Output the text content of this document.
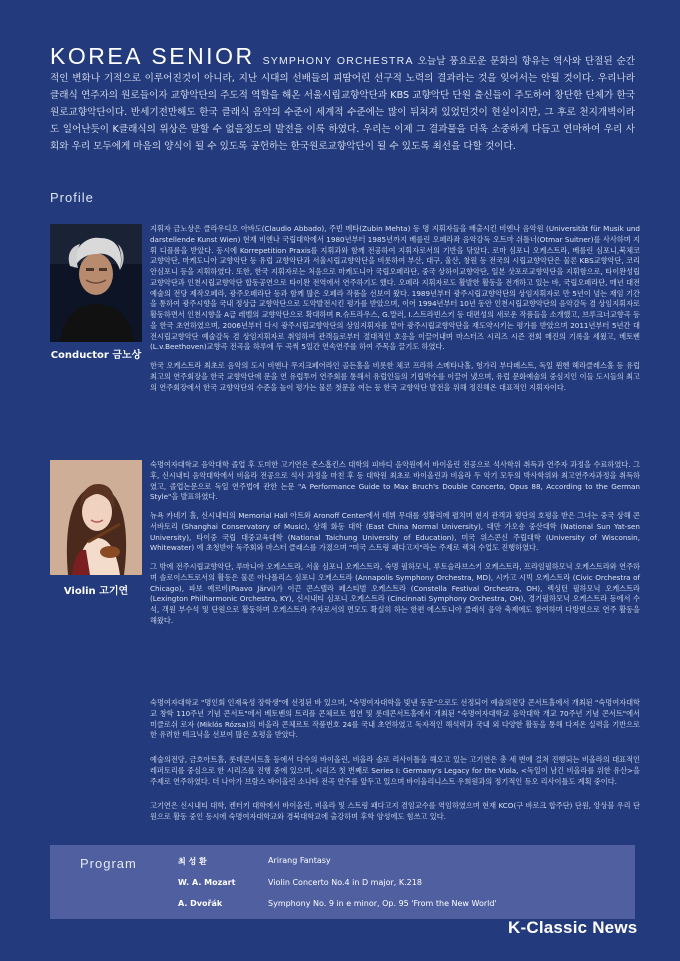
KOREA SENIOR SYMPHONY ORCHESTRA 오늘날 풍요로운 문화의 향유는 역사와 단절된 순간적인 변화나 기적으로 이루어진것이 아니라, 지난 시대의 선배들의 피땀어린 선구적 노력의 결과라는 것을 잊어서는 안될 것이다. 우리나라 클래식 연주자의 원로들이자 교향악단의 주도적 역할을 해온 서울시립교향악단과 KBS 교향악단 단원 출신들이 주도하여 창단한 단체가 한국원로교향악단이다. 반세기전만해도 한국 클래식 음악의 수준이 세계적 수준에는 많이 뒤쳐져 있었던것이 현실이지만, 그 후로 천지개벽이라도 일어난듯이 K클래식의 위상은 말할 수 없을정도의 발전을 이룩 하였다. 우리는 이제 그 결과물을 더욱 소중하게 다듬고 연마하여 우리 사회와 우리 모두에게 마음의 양식이 될 수 있도록 공헌하는 한국원로교향악단이 될 수 있도록 최선을 다할 것이다.
Profile
Conductor 금노상

지휘자 금노상은 클라우디오 아바도(Claudio Abbado), 주빈 메타(Zubin Mehta) 등 명 지휘자들을 배출시킨 비엔나 음악원 (Universität für Musik und darstellende Kunst Wien) 현재 비엔나 국립대학에서 1980년부터 1985년까지 베를린 오페라좌 음악감독 오트마 쉬틀너(Otmar Suitner)를 사사하며 지휘 디플롬을 받았다. 동시에 Korrepetition Praxis를 지휘과와 함께 전공하여 지휘자로서의 기반을 닦았다. 로마 심포니 오케스트라, 베를린 심포니,북체코 교향악단, 마케도니아 교향악단 등 유럽 교향악단과 서울시립교향악단을 비롯하여 부산, 대구, 울산, 창원 등 전국의 시립교향악단은 물론 KBS교향악단, 코리안심포니 등을 지휘하였다. 또한, 한국 지휘자로는 처음으로 마케도니아 국립오페라단, 중국 상하이교향악단, 일본 삿포로교향악단을 지휘함으로, 타이완성립교향악단과 인천시립교향악단 합동공연으로 타이완 전역에서 연주하기도 했다. 오페라 지휘자로도 활발한 활동을 전개하고 있는 바, 국립오페라단, 매년 대전예술의 전당 제작오페라, 광주오페라단 등과 함께 많은 오페라 작품을 선보여 왔다. 1989년부터 광주시립교향악단의 상임지휘자로 만 5년이 넘는 재임 기간을 통하여 광주시향을 국내 정상급 교향악단으로 도약발전시킨 평가를 받았으며, 이어 1994년부터 10년 동안 인천시립교향악단의 음악감독 겸 상임지휘자로 활동하면서 인천시향을 A급 레벨의 교향악단으로 확대하며 R.슈트라우스, G.말러, I.스트라빈스키 등 대편성의 새로운 작품들을 소개했고, 브루크너교향곡 등을 한국 초연하였으며, 2006년부터 다시 광주시립교향악단의 상임지휘자를 맡아 광주시립교향악단을 재도약시키는 평가를 받았으며 2011년부터 5년간 대전시립교향악단 예술감독 겸 상임지휘자로 취임하여 관객들로부터 절대적인 호응을 이끌어내며 마스터즈 시리즈 시즌 전회 매진의 기록을 세웠고, 베토벤(L.v.Beethoven)교향곡 전곡을 하루에 두 곡씩 5일간 연속연주를 하여 주목을 끌기도 하였다.

한국 오케스트라 최초로 음악의 도시 비엔나 무지크페어라인 골든홀을 비롯한 체코 프라하 스메타나홀, 헝가리 부다페스트, 독일 뮌헨 헤라클레스홀 등 유럽최고의 연주회장을 한국 교향악단에 문을 연 유럽투어 연주회를 통해서 유럽인들의 기립박수를 이끌어 냈으며, 유럽 문화예술의 중심지인 이들 도시들의 최고의 연주회장에서 한국 교향악단의 수준을 높이 평가는 물론 첫문을 여는 등 한국 교향악단 발전을 위해 정진해온 대표적인 지휘자이다.

Violin 고기연

숙명여자대학교 음악대학 졸업 후 도미한 고기연은 존스홉킨스 대학의 피바디 음악원에서 바이올린 전공으로 석사학위 취득과 연주자 과정을 수료하였다. 그 후, 신시내티 음악대학에서 비올라 전공으로 석사 과정을 마친 후 동 대학원 최초로 바이올린과 비올라 두 악기 모두의 박사학위와 최고연주자과정을 취득하였고, 졸업논문으로 독일 연주법에 관한 논문 "A Performance Guide to Max Bruch's Double Concerto, Opus 88, According to the German Style"을 발표하였다.

뉴욕 카네기 홀, 신시내티의 Memorial Hall 아트와 Aronoff Center에서 데뷔 무대를 성황리에 펼치며 현지 관객과 평단의 호평을 받은 그녀는 중국 상해 콘서바토리 (Shanghai Conservatory of Music), 상해 화동 대학 (East China Normal University), 대만 가오숑 중산대학 (National Sun Yat-sen University), 타이중 국립 대중교육대학 (National Taichung University of Education), 미국 위스콘신 주립대학 (University of Wisconsin, Whitewater) 에 초청받아 독주회와 마스터 클래스를 가졌으며 "미국 스트링 패다고지"라는 주제로 렉쳐 수업도 진행하였다.

그 밖에 전주시립교향악단, 루마니아 오케스트라, 서울 심포니 오케스트라, 숙명 필하모닉, 루토슬라브스키 오케스트라, 프라임필하모닉 오케스트라와 연주하며 솔로이스트로서의 활동은 물론 아나폴리스 심포니 오케스트라 (Annapolis Symphony Orchestra, MD), 시카고 시빅 오케스트라 (Civic Orchestra of Chicago), 파보 예르비(Paavo Järvi)가 이끈 콘스텔라 페스티벌 오케스트라 (Constella Festival Orchestra, OH), 렉싱턴 필하모닉 오케스트라 (Lexington Philharmonic Orchestra, KY), 신시내티 심포니 오케스트라 (Cincinnati Symphony Orchestra, OH), 경기필하모닉 오케스트라 등에서 수석, 객원 부수석 및 단원으로 활동하며 오케스트라 주자로서의 면모도 확실히 하는 한편 에스토니아 클래식 음악 축제에도 참여하며 다방면으로 연주 활동을 해왔다.

숙명여자대학교 "명인회 인재육성 장학생"에 선정된 바 있으며, "숙명여자대학을 빛낸 동문"으로도 선정되어 예술의전당 콘서트홀에서 개최된 "숙명여자대학교 창학 110주년 기념 콘서트"에서 베토벤의 트리플 콘체르토 협연 및 롯데콘서트홀에서 개최된 "숙명여자대학교 음악대학 개교 70주년 기념 콘서트"에서 미클로쉬 로자 (Miklós Rózsa)의 비올라 콘체르토 작품번호 24를 국내 초연하였고 독자적인 해석력과 국내 외 다양한 활동을 통해 다져온 실력을 기반으로 한 유려한 테크닉을 선보여 많은 호평을 받았다.

예술의전당, 금호아트홀, 롯데콘서트홀 등에서 다수의 바이올린, 비올라 솔로 리사이틀을 해오고 있는 고기연은 총 세 번에 걸쳐 진행되는 비올라의 대표적인 레퍼토리를 중심으로 한 시리즈를 진행 중에 있으며, 시리즈 첫 번째로 Series I: Germany's Legacy for the Viola, <독일이 남긴 비올라를 위한 유산>을 주제로 연주하였다. 더 나아가 브람스 바이올린 소나타 전곡 연주를 앞두고 있으며 바이올리니스트 우희원과의 정기적인 듀오 리사이틀도 계획 중이다.

고기연은 신시내티 대학, 켄터키 대학에서 바이올린, 비올라 및 스트링 패다고지 겸임교수를 역임하였으며 현재 KCO(구 바로크 합주단) 단원, 앙상블 우리 단원으로 활동 중인 동시에 숙명여자대학교와 경북대학교에 출강하며 후학 양성에도 힘쓰고 있다.

Program	최 성 환	Arirang Fantasy
W. A. Mozart	Violin Concerto No.4 in D major, K.218
A. Dvořák	Symphony No. 9 in e minor, Op. 95 'From the New World'
K-Classic News
